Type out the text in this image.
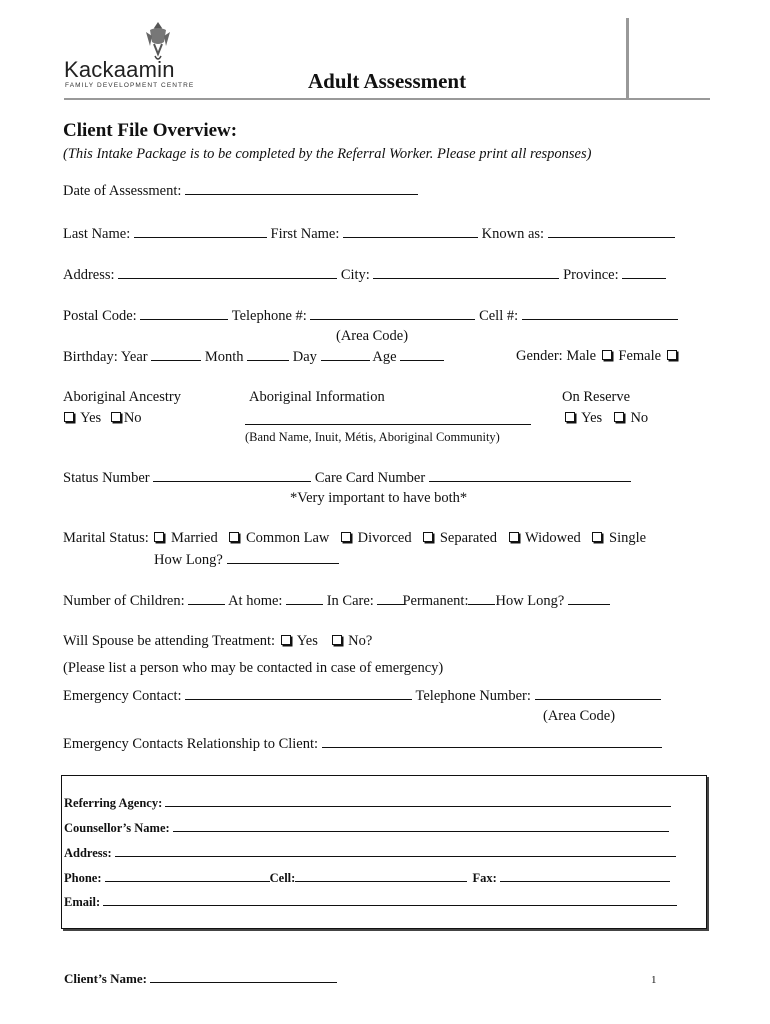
Kackaamin
FAMILY DEVELOPMENT CENTRE	Adult Assessment
Client File Overview:
(This Intake Package is to be completed by the Referral Worker. Please print all responses)
Date of Assessment:
Last Name:	First Name:	Known as:
Address:	City:	Province:
Postal Code:	Telephone #:	Cell #:
(Area Code)
Birthday: Year	Month	Day	Age	Gender: Male Female
Aboriginal Ancestry
Yes No
Aboriginal Information
(Band Name, Inuit, Métis, Aboriginal Community)
On Reserve
Yes No
Status Number	Care Card Number
*Very important to have both*
Marital Status: Married Common Law Divorced Separated Widowed Single
How Long?
Number of Children:	At home:	In Care: Permanent: How Long?
Will Spouse be attending Treatment: Yes No?
(Please list a person who may be contacted in case of emergency)
Emergency Contact:	Telephone Number:
(Area Code)
Emergency Contacts Relationship to Client:
Referring Agency:
Counsellor’s Name:
Address:
Phone:	Cell:	Fax:
Email:
Client’s Name:	1
